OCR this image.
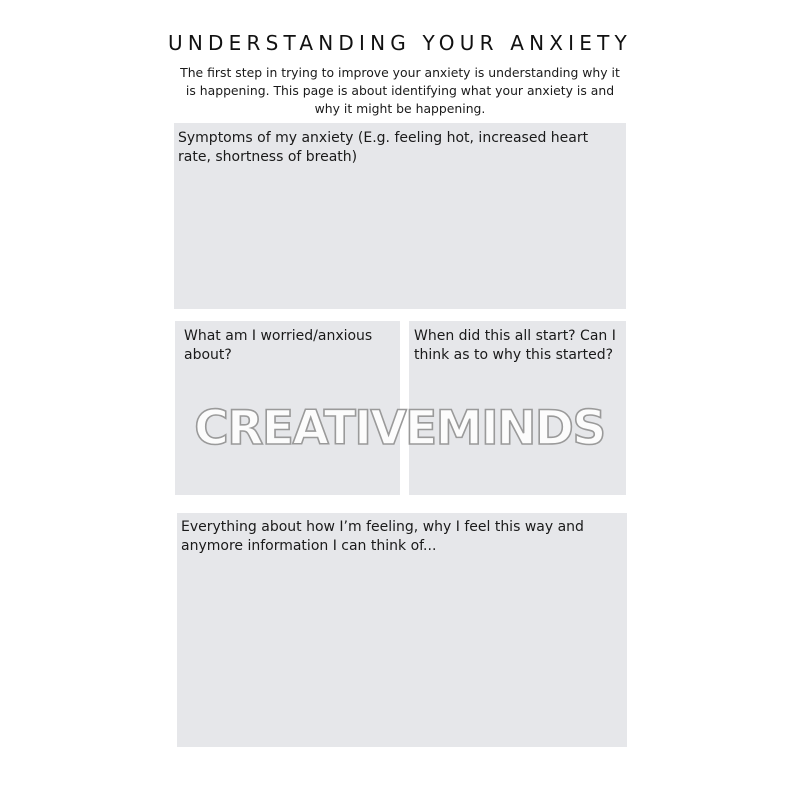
UNDERSTANDING YOUR ANXIETY
The first step in trying to improve your anxiety is understanding why it is happening. This page is about identifying what your anxiety is and why it might be happening.
Symptoms of my anxiety (E.g. feeling hot, increased heart rate, shortness of breath)
What am I worried/anxious about?
When did this all start? Can I think as to why this started?
Everything about how I’m feeling, why I feel this way and anymore information I can think of...
CREATIVEMINDS
